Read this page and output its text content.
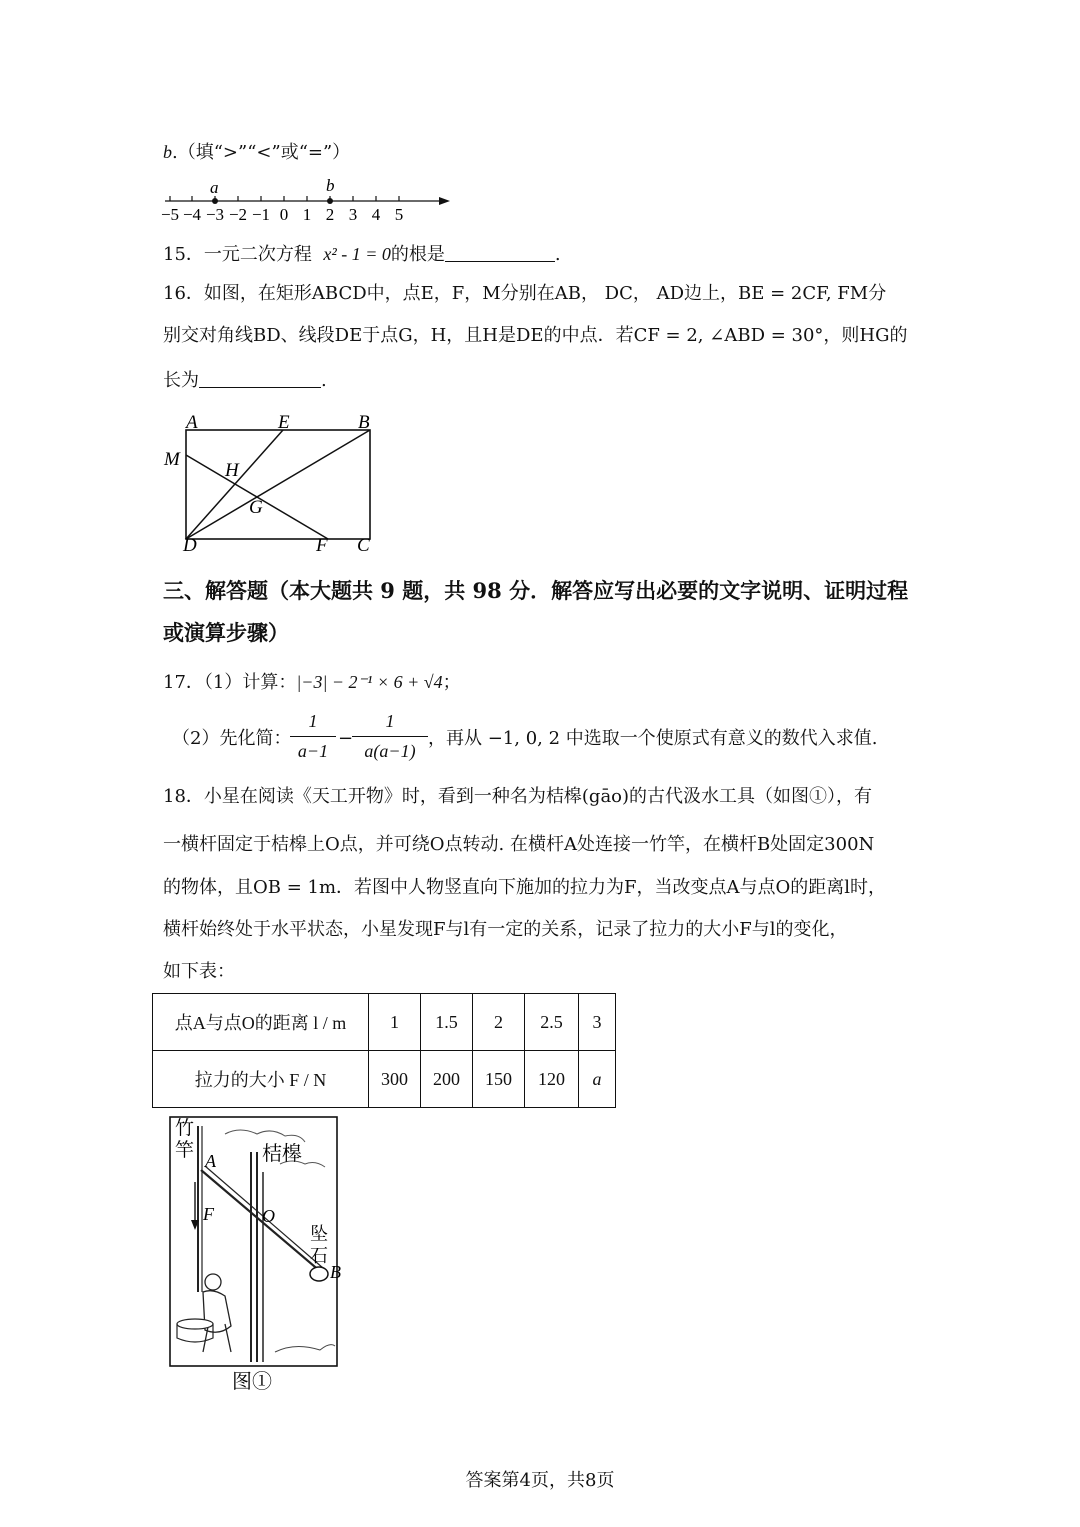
b.（填“>”“<”或“=”）
a	b
−5 −4 −3 −2 −1 0 1 2 3 4 5
15．一元二次方程 x² - 1 = 0的根是	.
16．如图，在矩形ABCD中，点E，F，M分别在AB， DC， AD边上，BE = 2CF, FM分
别交对角线BD、线段DE于点G，H，且H是DE的中点．若CF = 2, ∠ABD = 30°，则HG的
长为	.
A	E	B
M
H
G
D	F C
三、解答题（本大题共 9 题，共 98 分．解答应写出必要的文字说明、证明过程
或演算步骤）
17．（1）计算：|−3| − 2⁻¹ × 6 + √4；
（2）先化简：
1
a−1
−
1
a(a−1)
，再从 −1, 0, 2 中选取一个使原式有意义的数代入求值.
18．小星在阅读《天工开物》时，看到一种名为桔槔(gāo)的古代汲水工具（如图①），有
一横杆固定于桔槔上O点，并可绕O点转动. 在横杆A处连接一竹竿，在横杆B处固定300N
的物体，且OB = 1m．若图中人物竖直向下施加的拉力为F，当改变点A与点O的距离l时，
横杆始终处于水平状态，小星发现F与l有一定的关系，记录了拉力的大小F与l的变化，
如下表：
点A与点O的距离 l / m	1	1.5	2	2.5	3
拉力的大小 F / N	300	200	150	120	a
竹
竿 A 桔槔
F	O
坠
石
B
图①
答案第4页，共8页
